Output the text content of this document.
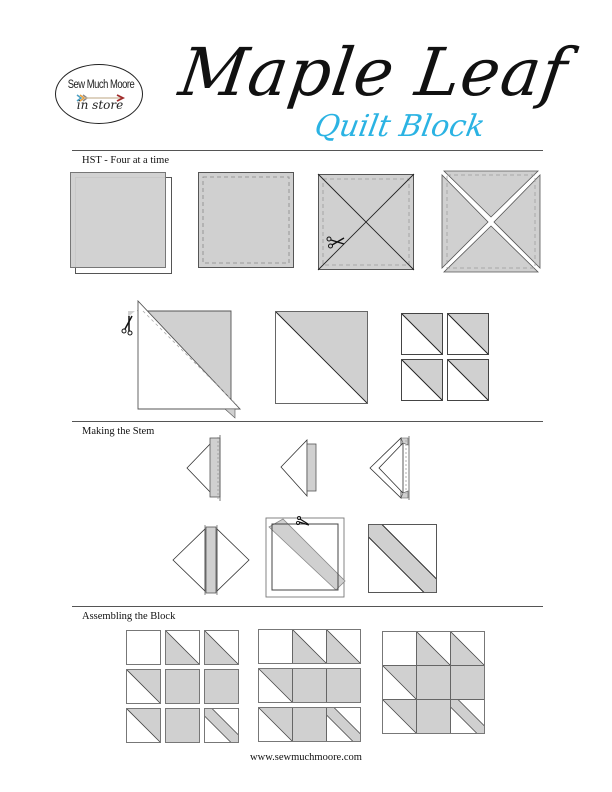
Sew Much Moore
in store Maple Leaf
Quilt Block
HST - Four at a time
Making the Stem
Assembling the Block
www.sewmuchmoore.com
